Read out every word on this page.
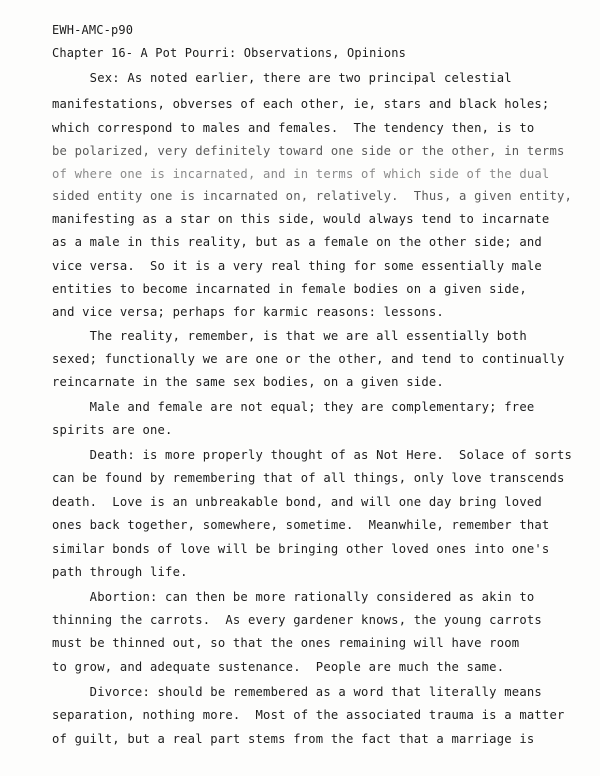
EWH-AMC-p90
Chapter 16- A Pot Pourri: Observations, Opinions
Sex: As noted earlier, there are two principal celestial
manifestations, obverses of each other, ie, stars and black holes;
which correspond to males and females.  The tendency then, is to
be polarized, very definitely toward one side or the other, in terms
of where one is incarnated, and in terms of which side of the dual
sided entity one is incarnated on, relatively.  Thus, a given entity,
manifesting as a star on this side, would always tend to incarnate
as a male in this reality, but as a female on the other side; and
vice versa.  So it is a very real thing for some essentially male
entities to become incarnated in female bodies on a given side,
and vice versa; perhaps for karmic reasons: lessons.
The reality, remember, is that we are all essentially both
sexed; functionally we are one or the other, and tend to continually
reincarnate in the same sex bodies, on a given side.
Male and female are not equal; they are complementary; free
spirits are one.
Death: is more properly thought of as Not Here.  Solace of sorts
can be found by remembering that of all things, only love transcends
death.  Love is an unbreakable bond, and will one day bring loved
ones back together, somewhere, sometime.  Meanwhile, remember that
similar bonds of love will be bringing other loved ones into one's
path through life.
Abortion: can then be more rationally considered as akin to
thinning the carrots.  As every gardener knows, the young carrots
must be thinned out, so that the ones remaining will have room
to grow, and adequate sustenance.  People are much the same.
Divorce: should be remembered as a word that literally means
separation, nothing more.  Most of the associated trauma is a matter
of guilt, but a real part stems from the fact that a marriage is
